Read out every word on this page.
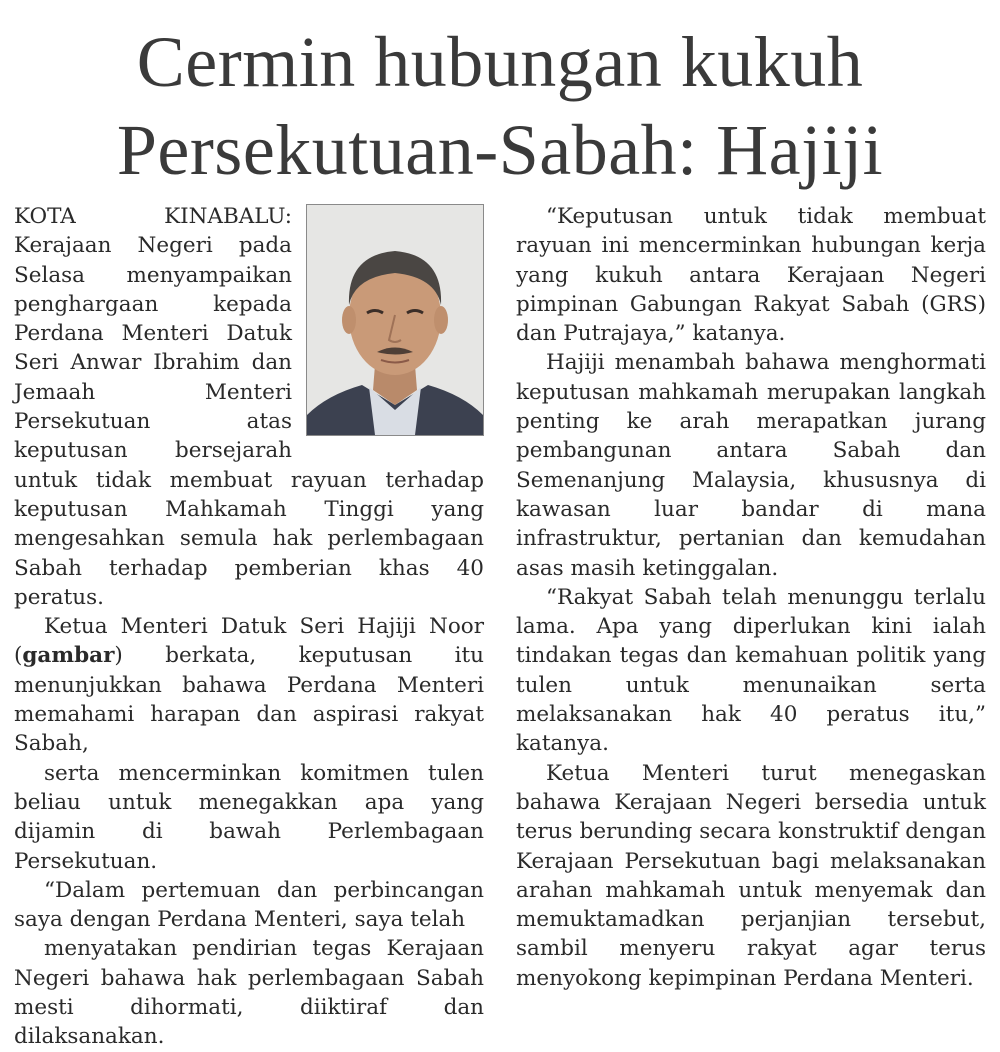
Cermin hubungan kukuh
Persekutuan-Sabah: Hajiji

KOTA KINABALU: Kerajaan Negeri pada Selasa menyampaikan penghargaan kepada Perdana Menteri Datuk Seri Anwar Ibrahim dan Jemaah Menteri Persekutuan atas keputusan bersejarah untuk tidak membuat rayuan terhadap keputusan Mahkamah Tinggi yang mengesahkan semula hak perlembagaan Sabah terhadap pemberian khas 40 peratus.

Ketua Menteri Datuk Seri Hajiji Noor (gambar) berkata, keputusan itu menunjukkan bahawa Perdana Menteri memahami harapan dan aspirasi rakyat Sabah,

serta mencerminkan komitmen tulen beliau untuk menegakkan apa yang dijamin di bawah Perlembagaan Persekutuan.

“Dalam pertemuan dan perbincangan saya dengan Perdana Menteri, saya telah

menyatakan pendirian tegas Kerajaan Negeri bahawa hak perlembagaan Sabah mesti dihormati, diiktiraf dan dilaksanakan.

“Keputusan untuk tidak membuat rayuan ini mencerminkan hubungan kerja yang kukuh antara Kerajaan Negeri pimpinan Gabungan Rakyat Sabah (GRS) dan Putrajaya,” katanya.

Hajiji menambah bahawa menghormati keputusan mahkamah merupakan langkah penting ke arah merapatkan jurang pembangunan antara Sabah dan Semenanjung Malaysia, khususnya di kawasan luar bandar di mana infrastruktur, pertanian dan kemudahan asas masih ketinggalan.

“Rakyat Sabah telah menunggu terlalu lama. Apa yang diperlukan kini ialah tindakan tegas dan kemahuan politik yang tulen untuk menunaikan serta melaksanakan hak 40 peratus itu,” katanya.

Ketua Menteri turut menegaskan bahawa Kerajaan Negeri bersedia untuk terus berunding secara konstruktif dengan Kerajaan Persekutuan bagi melaksanakan arahan mahkamah untuk menyemak dan memuktamadkan perjanjian tersebut, sambil menyeru rakyat agar terus menyokong kepimpinan Perdana Menteri.
